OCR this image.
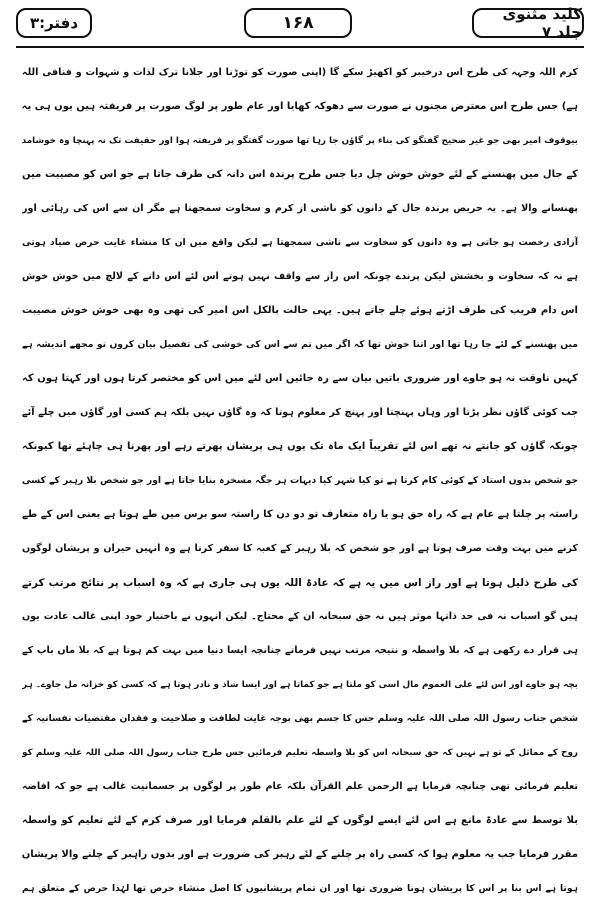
کلید مثنوی جلد ۷
۱۶۸
دفتر:۳
کرم اللہ وجہہ کی طرح اس درخیبر کو اکھیڑ سکے گا (اپنی صورت کو توڑنا اور جلانا ترک لذات و شہوات و فنافی اللہ
ہے) جس طرح اس معترض مجنوں نے صورت سے دھوکہ کھایا اور عام طور پر لوگ صورت پر فریفتہ ہیں یوں ہی یہ
بیوقوف امیر بھی جو غیر صحیح گفتگو کی بناء پر گاؤں جا رہا تھا صورت گفتگو پر فریفتہ ہوا اور حقیقت تک نہ پہنچا وہ خوشامد
کے جال میں پھنسنے کے لئے خوش خوش چل دیا جس طرح پرندہ اس دانہ کی طرف جاتا ہے جو اس کو مصیبت میں
پھنسانے والا ہے۔ یہ حریص پرندہ جال کے دانوں کو ناشی از کرم و سخاوت سمجھتا ہے مگر ان سے اس کی رہائی اور
آزادی رخصت ہو جاتی ہے وہ دانوں کو سخاوت سے ناشی سمجھتا ہے لیکن واقع میں ان کا منشاء غایت حرص صیاد ہوتی
ہے نہ کہ سخاوت و بخشش لیکن پرندے چونکہ اس راز سے واقف نہیں ہوتے اس لئے اس دانے کے لالچ میں خوش خوش
اس دام فریب کی طرف اڑتے ہوئے چلے جاتے ہیں۔ یہی حالت بالکل اس امیر کی تھی وہ بھی خوش خوش مصیبت
میں پھنسنے کے لئے جا رہا تھا اور اتنا خوش تھا کہ اگر میں تم سے اس کی خوشی کی تفصیل بیان کروں تو مجھے اندیشہ ہے
کہیں ناوقت نہ ہو جاوے اور ضروری باتیں بیان سے رہ جائیں اس لئے میں اس کو مختصر کرتا ہوں اور کہتا ہوں کہ
جب کوئی گاؤں نظر پڑتا اور وہاں پہنچتا اور پہنچ کر معلوم ہوتا کہ وہ گاؤں نہیں بلکہ ہم کسی اور گاؤں میں چلے آئے
چونکہ گاؤں کو جانتے نہ تھے اس لئے تقریباً ایک ماہ تک یوں ہی پریشان پھرتے رہے اور پھرنا ہی چاہئے تھا کیونکہ
جو شخص بدوں استاد کے کوئی کام کرتا ہے تو کیا شہر کیا دیہات ہر جگہ مسخرہ بنایا جاتا ہے اور جو شخص بلا رہبر کے کسی
راستہ پر چلتا ہے عام ہے کہ راہ حق ہو یا راہ متعارف تو دو دن کا راستہ سو برس میں طے ہوتا ہے یعنی اس کے طے
کرنے میں بہت وقت صرف ہوتا ہے اور جو شخص کہ بلا رہبر کے کعبہ کا سفر کرتا ہے وہ انہیں حیران و پریشان لوگوں
کی طرح ذلیل ہوتا ہے اور راز اس میں یہ ہے کہ عادۃ اللہ یوں ہی جاری ہے کہ وہ اسباب پر نتائج مرتب کرتے
ہیں گو اسباب نہ فی حد ذاتہا موثر ہیں نہ حق سبحانہ ان کے محتاج۔ لیکن انہوں نے باختیار خود اپنی غالب عادت یوں
ہی قرار دے رکھی ہے کہ بلا واسطہ و نتیجہ مرتب نہیں فرماتے چنانچہ ایسا دنیا میں بہت کم ہوتا ہے کہ بلا ماں باپ کے
بچہ ہو جاوے اور اس لئے علی العموم مال اسی کو ملتا ہے جو کماتا ہے اور ایسا شاذ و نادر ہوتا ہے کہ کسی کو خزانہ مل جاوے۔ ہر
شخص جناب رسول اللہ صلی اللہ علیہ وسلم جس کا جسم بھی بوجہ غایت لطافت و صلاحیت و فقدان مقتضیات نفسانیہ کے
روح کے مماثل کے تو ہے نہیں کہ حق سبحانہ اس کو بلا واسطہ تعلیم فرمائیں جس طرح جناب رسول اللہ صلی اللہ علیہ وسلم کو
تعلیم فرمائی تھی چنانچہ فرمایا ہے الرحمن علم القرآن بلکہ عام طور پر لوگوں پر جسمانیت غالب ہے جو کہ افاضہ
بلا توسط سے عادۃ مانع ہے اس لئے ایسے لوگوں کے لئے علم بالقلم فرمایا اور صرف کرم کے لئے تعلیم کو واسطہ
مقرر فرمایا جب یہ معلوم ہوا کہ کسی راہ پر چلنے کے لئے رہبر کی ضرورت ہے اور بدوں راہبر کے چلنے والا پریشان
ہوتا ہے اس بنا پر اس کا پریشان ہونا ضروری تھا اور ان تمام پریشانیوں کا اصل منشاء حرص تھا لہٰذا حرص کے متعلق ہم
